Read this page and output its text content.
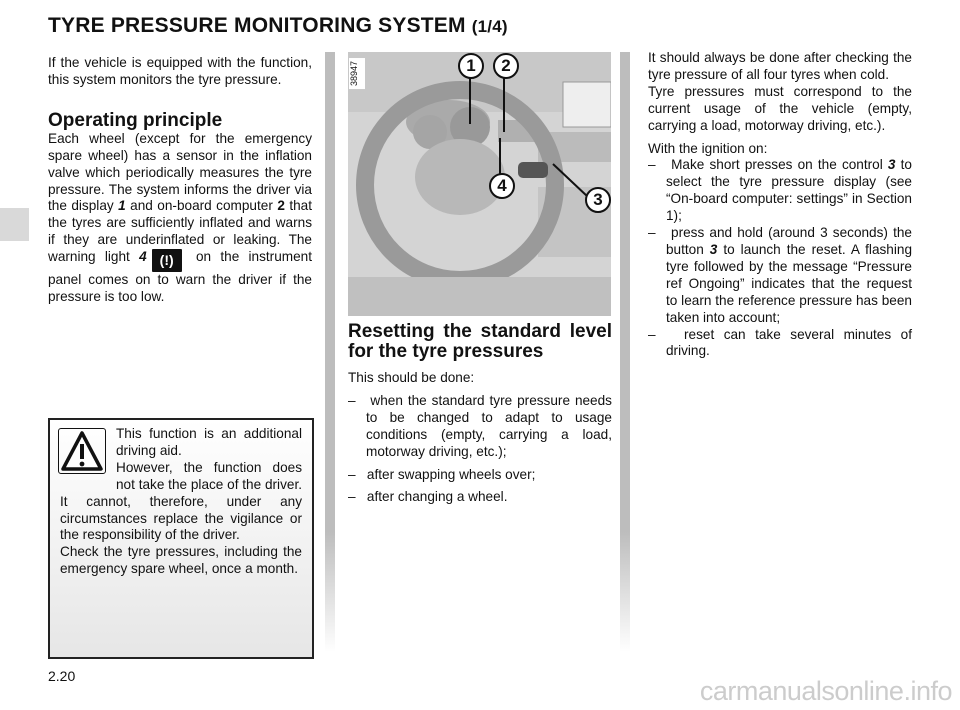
TYRE PRESSURE MONITORING SYSTEM (1/4)

If the vehicle is equipped with the function, this system monitors the tyre pressure.

Operating principle

Each wheel (except for the emergency spare wheel) has a sensor in the inflation valve which periodically measures the tyre pressure. The system informs the driver via the display 1 and on-board computer 2 that the tyres are sufficiently inflated and warns if they are underinflated or leaking. The warning light 4 (!) on the instrument panel comes on to warn the driver if the pressure is too low.

This function is an additional driving aid.

However, the function does not take the place of the driver. It cannot, therefore, under any circumstances replace the vigilance or the responsibility of the driver.

Check the tyre pressures, including the emergency spare wheel, once a month.

38947	1	2
3
4
Resetting the standard level for the tyre pressures

This should be done:

– when the standard tyre pressure needs to be changed to adapt to usage conditions (empty, carrying a load, motorway driving, etc.);

– after swapping wheels over;

– after changing a wheel.

It should always be done after checking the tyre pressure of all four tyres when cold.

Tyre pressures must correspond to the current usage of the vehicle (empty, carrying a load, motorway driving, etc.).

With the ignition on:

– Make short presses on the control 3 to select the tyre pressure display (see “On-board computer: settings” in Section 1);

– press and hold (around 3 seconds) the button 3 to launch the reset. A flashing tyre followed by the message “Pressure ref Ongoing” indicates that the request to learn the reference pressure has been taken into account;

– reset can take several minutes of driving.

2.20	carmanualsonline.info
